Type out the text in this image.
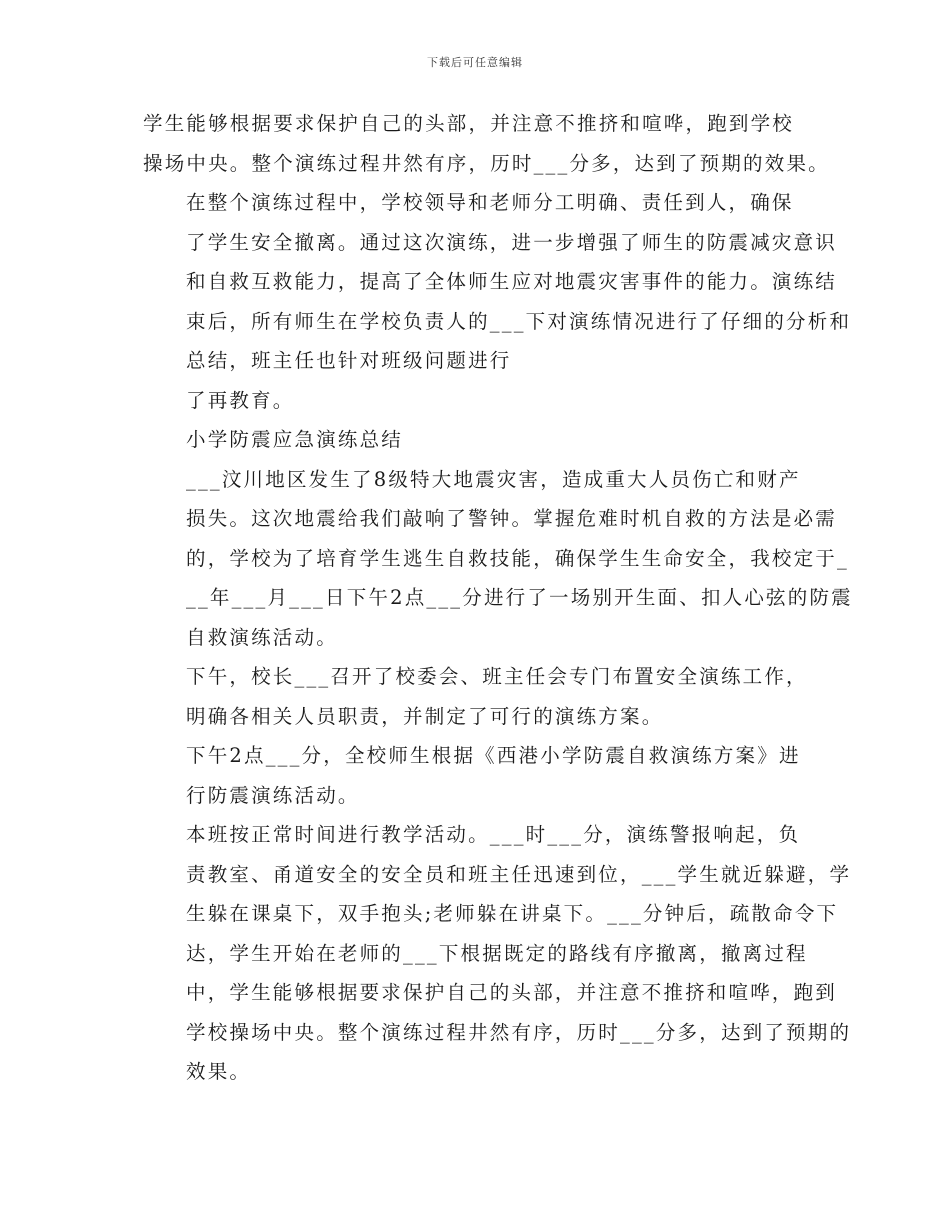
下载后可任意编辑

学生能够根据要求保护自己的头部，并注意不推挤和喧哗，跑到学校
操场中央。整个演练过程井然有序，历时___分多，达到了预期的效果。

在整个演练过程中，学校领导和老师分工明确、责任到人，确保
了学生安全撤离。通过这次演练，进一步增强了师生的防震减灾意识
和自救互救能力，提高了全体师生应对地震灾害事件的能力。演练结
束后，所有师生在学校负责人的___下对演练情况进行了仔细的分析和
总结，班主任也针对班级问题进行

了再教育。

小学防震应急演练总结

___汶川地区发生了8级特大地震灾害，造成重大人员伤亡和财产
损失。这次地震给我们敲响了警钟。掌握危难时机自救的方法是必需
的，学校为了培育学生逃生自救技能，确保学生生命安全，我校定于_
__年___月___日下午2点___分进行了一场别开生面、扣人心弦的防震
自救演练活动。

下午，校长___召开了校委会、班主任会专门布置安全演练工作，
明确各相关人员职责，并制定了可行的演练方案。

下午2点___分，全校师生根据《西港小学防震自救演练方案》进
行防震演练活动。

本班按正常时间进行教学活动。___时___分，演练警报响起，负
责教室、甬道安全的安全员和班主任迅速到位，___学生就近躲避，学
生躲在课桌下，双手抱头;老师躲在讲桌下。___分钟后，疏散命令下

达，学生开始在老师的___下根据既定的路线有序撤离，撤离过程
中，学生能够根据要求保护自己的头部，并注意不推挤和喧哗，跑到
学校操场中央。整个演练过程井然有序，历时___分多，达到了预期的
效果。
